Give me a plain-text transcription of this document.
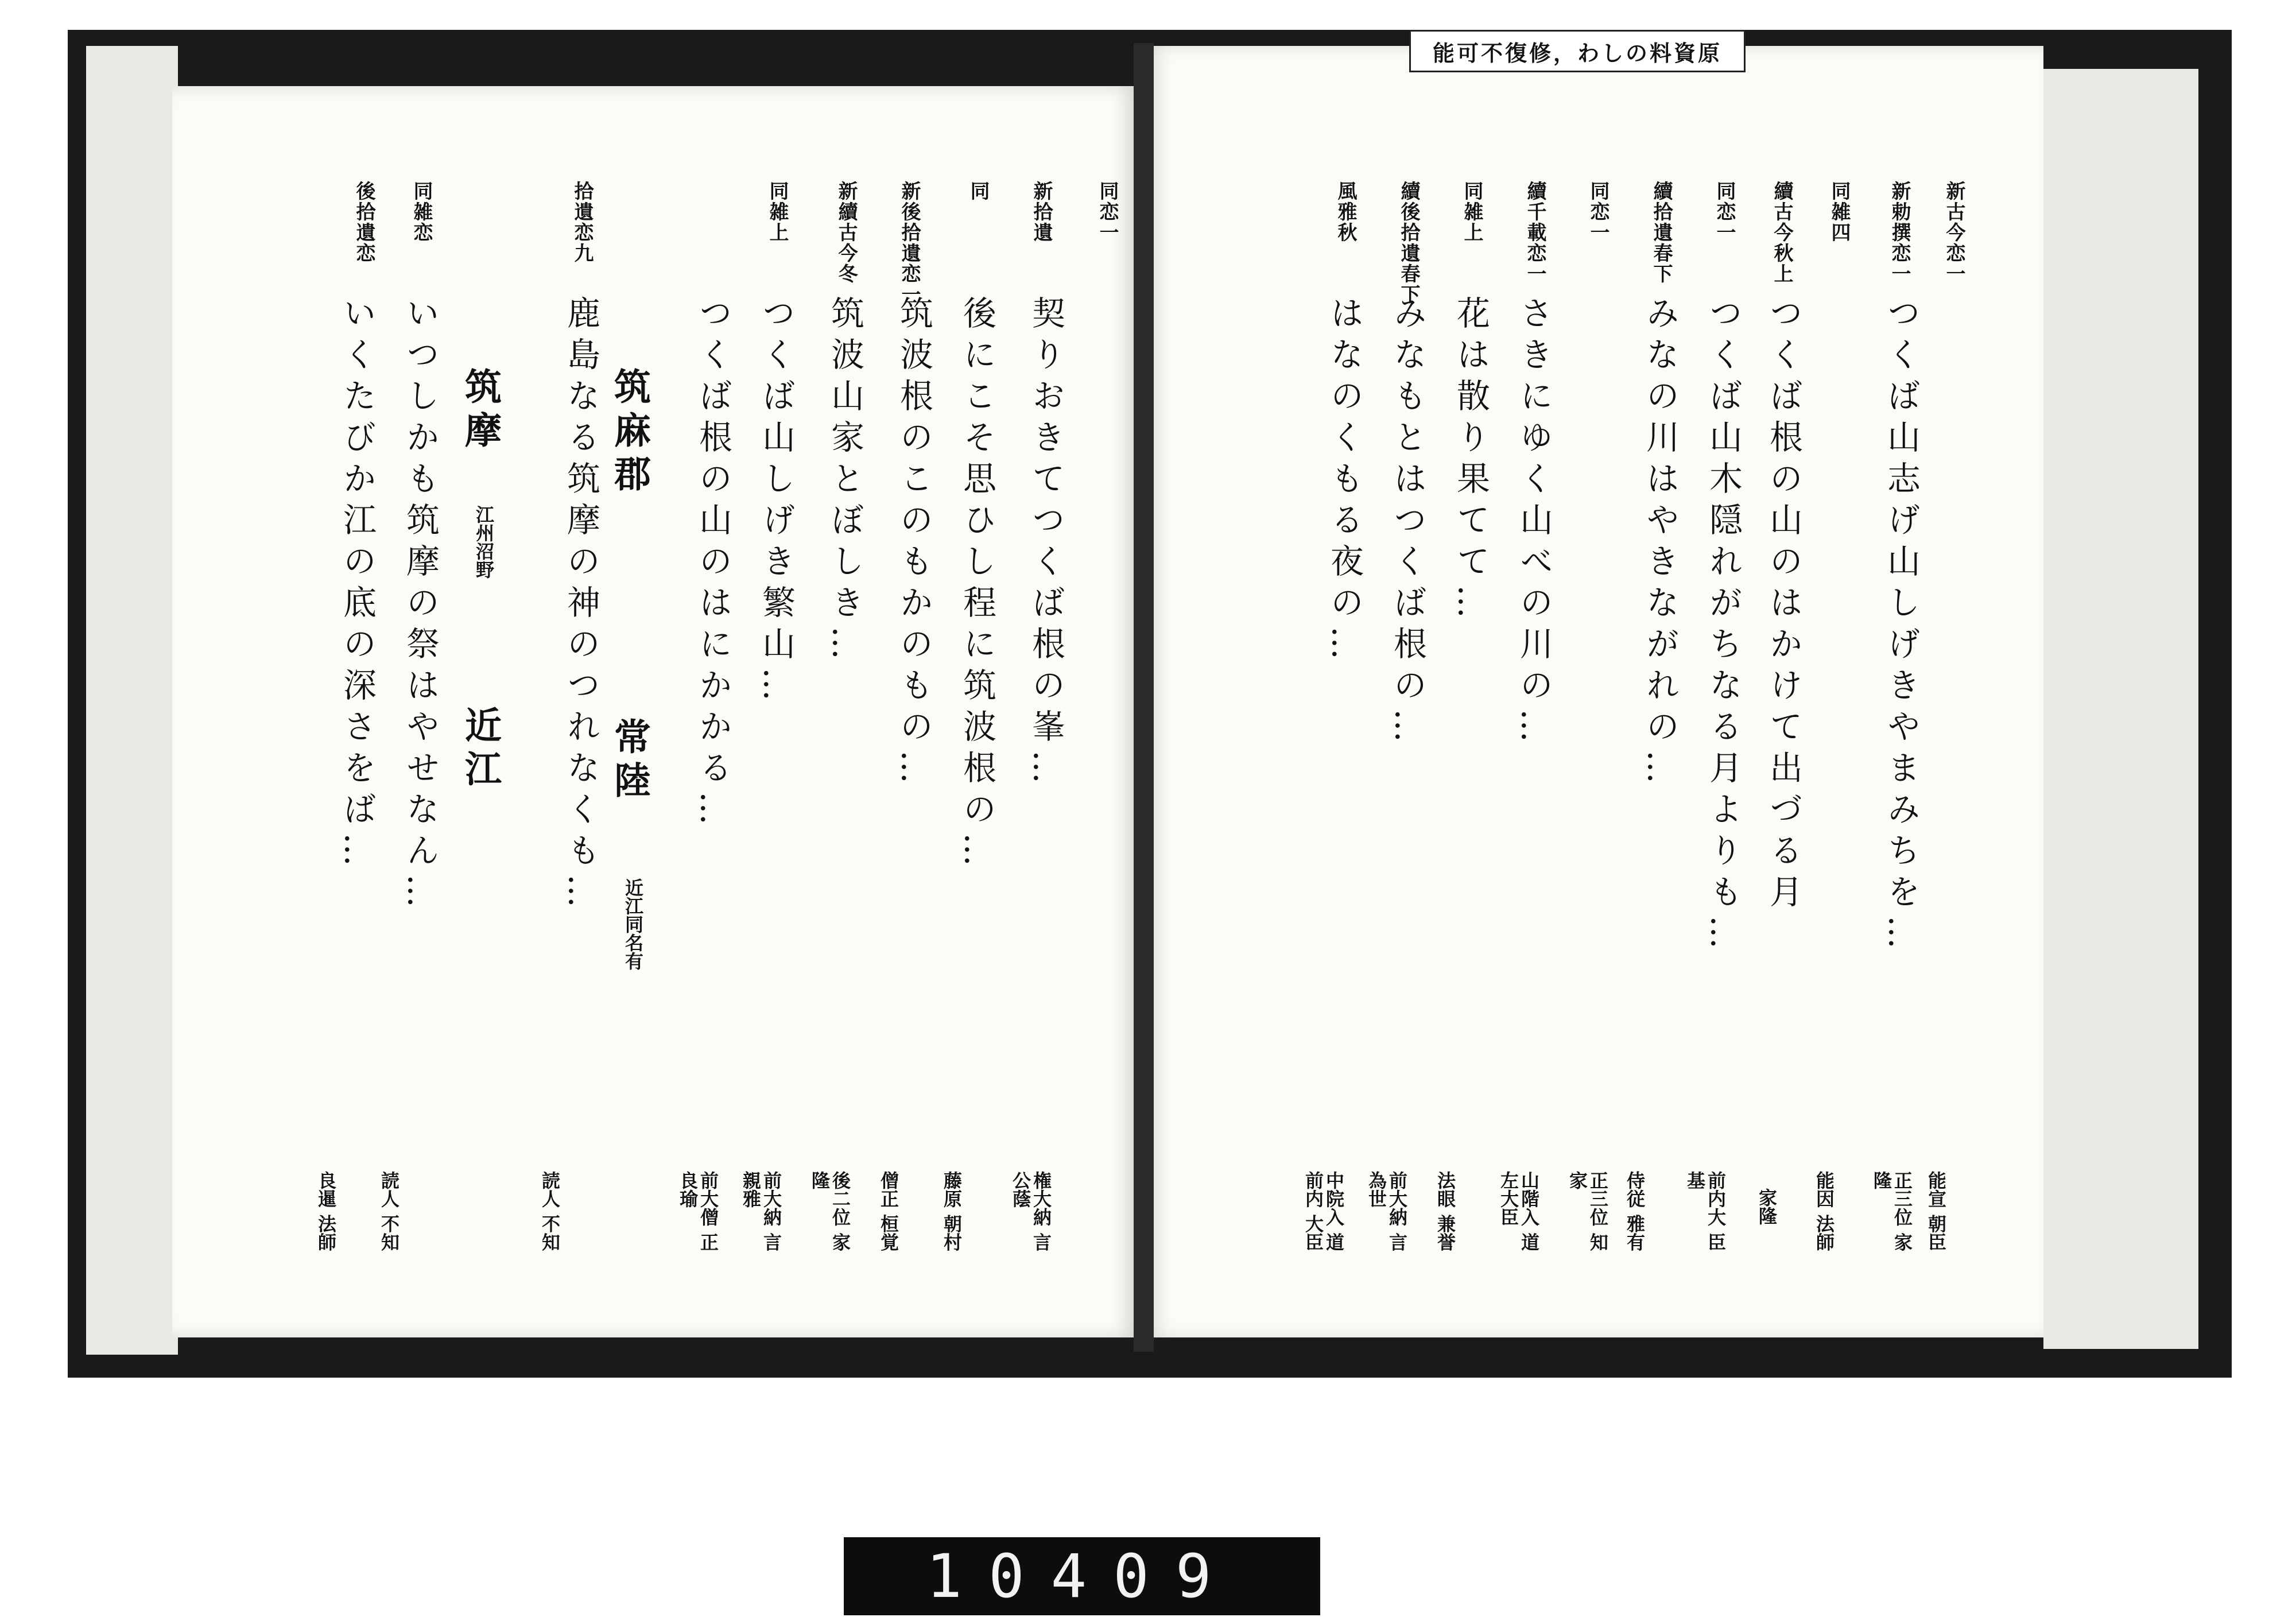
原資料のしわ，修復不可能
新古今恋一
能宣 朝臣
新勅撰恋一
つくば山志げ山しげきやまみちを…
正三位 家隆
同雑四
能因 法師
續古今秋上
つくば根の山のはかけて出づる月
家隆
同恋一
つくば山木隠れがちなる月よりも…
前内大 臣基
續拾遺春下
みなの川はやきながれの…
侍従 雅有
同恋一
正三位 知家
續千載恋一
さきにゆく山べの川の…
山階入 道左大臣
同雑上
花は散り果てて…
法眼 兼誉
續後拾遺春下
みなもとはつくば根の…
前大納 言為世
風雅秋
はなのくもる夜の…
中院入 道前内 大臣
同恋一
新拾遺
契りおきてつくば根の峯…
権大納 言公蔭
同
後にこそ思ひし程に筑波根の…
藤原 朝村
新後拾遺恋一
筑波根のこのもかのもの…
僧正 桓覚
新續古今冬
筑波山家とぼしき…
後二位 家隆
同雑上
つくば山しげき繁山…
前大納 言親雅
つくば根の山のはにかかる…
前大僧 正良瑜
筑麻郡
常陸
近江同名有
拾遺恋九
鹿島なる筑摩の神のつれなくも…
読人 不知
筑摩
江州沼野
近江
同雑恋
いつしかも筑摩の祭はやせなん…
読人 不知
後拾遺恋
いくたびか江の底の深さをば…
良暹 法師
10409
